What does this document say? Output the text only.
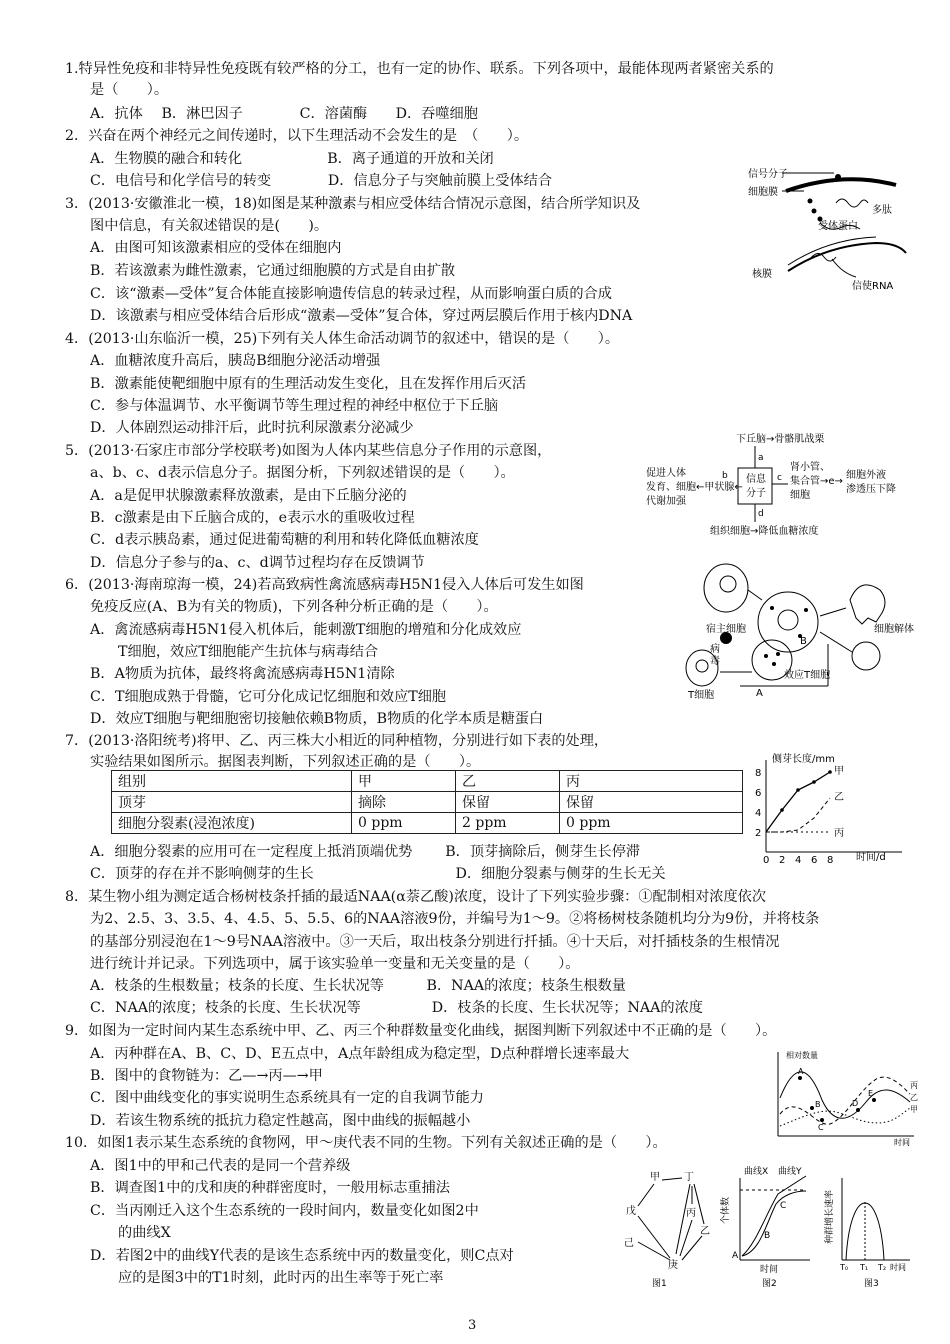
1.特异性免疫和非特异性免疫既有较严格的分工，也有一定的协作、联系。下列各项中，最能体现两者紧密关系的
是（　　）。
A．抗体　 B．淋巴因子　　　　C．溶菌酶　　D．吞噬细胞
2．兴奋在两个神经元之间传递时，以下生理活动不会发生的是　（　　）。
A．生物膜的融合和转化　　　　　　B．离子通道的开放和关闭
C．电信号和化学信号的转变　　　　D．信息分子与突触前膜上受体结合
3．(2013·安徽淮北一模，18)如图是某种激素与相应受体结合情况示意图，结合所学知识及
图中信息，有关叙述错误的是(　　)。
A．由图可知该激素相应的受体在细胞内
B．若该激素为雌性激素，它通过细胞膜的方式是自由扩散
C．该“激素—受体”复合体能直接影响遗传信息的转录过程，从而影响蛋白质的合成
D．该激素与相应受体结合后形成“激素—受体”复合体，穿过两层膜后作用于核内DNA
信号分子
细胞膜
多肽
受体蛋白
核膜
信使RNA
4．(2013·山东临沂一模，25)下列有关人体生命活动调节的叙述中，错误的是（　　）。
A．血糖浓度升高后，胰岛B细胞分泌活动增强
B．激素能使靶细胞中原有的生理活动发生变化，且在发挥作用后灭活
C．参与体温调节、水平衡调节等生理过程的神经中枢位于下丘脑
D．人体剧烈运动排汗后，此时抗利尿激素分泌减少
5．(2013·石家庄市部分学校联考)如图为人体内某些信息分子作用的示意图，
a、b、c、d表示信息分子。据图分析，下列叙述错误的是（　　）。
A．a是促甲状腺激素释放激素，是由下丘脑分泌的
B．c激素是由下丘脑合成的，e表示水的重吸收过程
C．d表示胰岛素，通过促进葡萄糖的利用和转化降低血糖浓度
D．信息分子参与的a、c、d调节过程均存在反馈调节
下丘脑→骨骼肌战栗
信息
分子
促进人体
发育、细胞
代谢加强
←甲状腺←
肾小管、
集合管→e→
细胞
细胞外液
渗透压下降
组织细胞→降低血糖浓度
a
b	c
d
6．(2013·海南琼海一模，24)若高致病性禽流感病毒H5N1侵入人体后可发生如图
免疫反应(A、B为有关的物质)，下列各种分析正确的是（　　）。
A．禽流感病毒H5N1侵入机体后，能刺激T细胞的增殖和分化成效应
T细胞，效应T细胞能产生抗体与病毒结合
B．A物质为抗体，最终将禽流感病毒H5N1清除
C．T细胞成熟于骨髓，它可分化成记忆细胞和效应T细胞
D．效应T细胞与靶细胞密切接触依赖B物质，B物质的化学本质是糖蛋白
宿主细胞
病
毒
细胞解体
B
效应T细胞
T细胞	A
7．(2013·洛阳统考)将甲、乙、丙三株大小相近的同种植物，分别进行如下表的处理，
实验结果如图所示。据图表判断，下列叙述正确的是（　　）。
组别	甲	乙	丙
顶芽	摘除	保留	保留
细胞分裂素(浸泡浓度)	0 ppm	2 ppm	0 ppm
A．细胞分裂素的应用可在一定程度上抵消顶端优势　　 B．顶芽摘除后，侧芽生长停滞
C．顶芽的存在并不影响侧芽的生长　　　　　　　　　　D．细胞分裂素与侧芽的生长无关
侧芽长度/mm
时间/d
8
6
4
2
0 2 4 6 8
甲
乙
丙
8．某生物小组为测定适合杨树枝条扦插的最适NAA(α萘乙酸)浓度，设计了下列实验步骤：①配制相对浓度依次
为2、2.5、3、3.5、4、4.5、5、5.5、6的NAA溶液9份，并编号为1～9。②将杨树枝条随机均分为9份，并将枝条
的基部分别浸泡在1～9号NAA溶液中。③一天后，取出枝条分别进行扦插。④十天后，对扦插枝条的生根情况
进行统计并记录。下列选项中，属于该实验单一变量和无关变量的是（　　）。
A．枝条的生根数量；枝条的长度、生长状况等　　　B．NAA的浓度；枝条生根数量
C．NAA的浓度；枝条的长度、生长状况等　　　　　D．枝条的长度、生长状况等；NAA的浓度
9．如图为一定时间内某生态系统中甲、乙、丙三个种群数量变化曲线，据图判断下列叙述中不正确的是（　　）。
A．丙种群在A、B、C、D、E五点中，A点年龄组成为稳定型，D点种群增长速率最大
B．图中的食物链为：乙—→丙—→甲
C．图中曲线变化的事实说明生态系统具有一定的自我调节能力
D．若该生物系统的抵抗力稳定性越高，图中曲线的振幅越小
相对数量
时间
A
B
C
D
E
丙
乙
甲
10．如图1表示某生态系统的食物网，甲～庚代表不同的生物。下列有关叙述正确的是（　　）。
A．图1中的甲和己代表的是同一个营养级
B．调查图1中的戊和庚的种群密度时，一般用标志重捕法
C．当丙刚迁入这个生态系统的一段时间内，数量变化如图2中
的曲线X
D．若图2中的曲线Y代表的是该生态系统中丙的数量变化，则C点对
应的是图3中的T1时刻，此时丙的出生率等于死亡率
甲 丁
戊	丙
己
乙
庚
图1
曲线X 曲线Y
个体数
时间
A
B
C
图2
种群增长速率
T₀ T₁ T₂ 时间
图3
3
